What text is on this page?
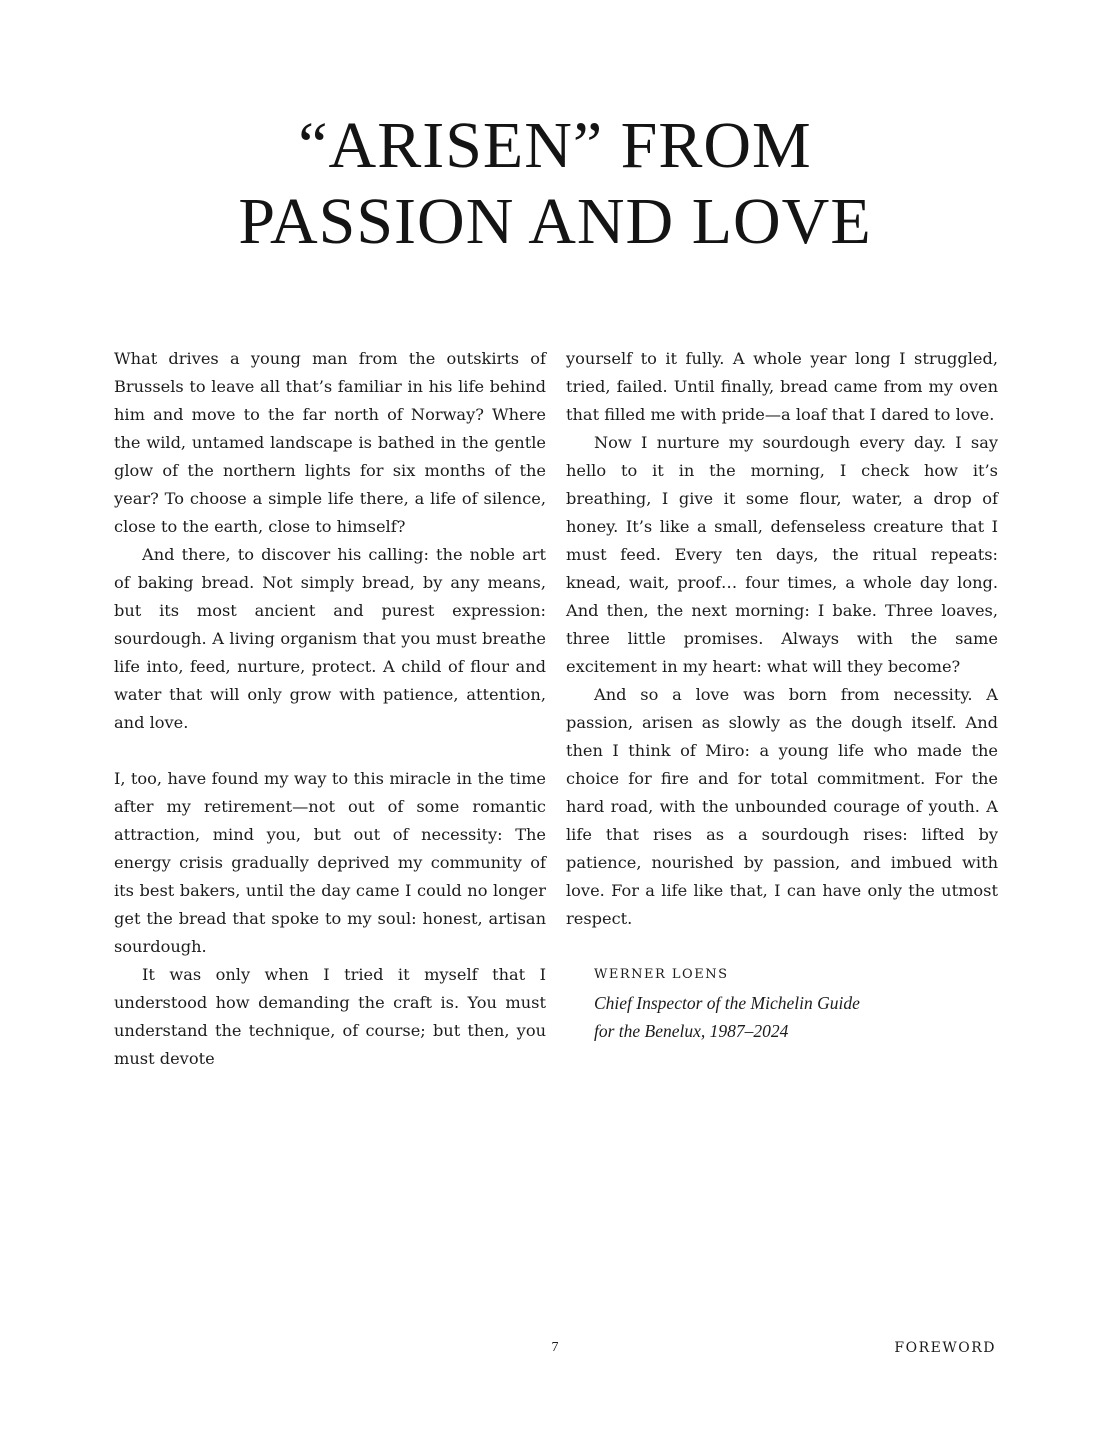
“ARISEN” FROM
PASSION AND LOVE

What drives a young man from the outskirts of Brussels to leave all that’s familiar in his life behind him and move to the far north of Norway? Where the wild, untamed landscape is bathed in the gentle glow of the northern lights for six months of the year? To choose a simple life there, a life of silence, close to the earth, close to himself?

And there, to discover his calling: the noble art of baking bread. Not simply bread, by any means, but its most ancient and purest expression: sourdough. A living organism that you must breathe life into, feed, nurture, protect. A child of flour and water that will only grow with patience, attention, and love.

I, too, have found my way to this miracle in the time after my retirement—not out of some romantic attraction, mind you, but out of necessity: The energy crisis gradually deprived my community of its best bakers, until the day came I could no longer get the bread that spoke to my soul: honest, artisan sourdough.

It was only when I tried it myself that I understood how demanding the craft is. You must understand the technique, of course; but then, you must devote

yourself to it fully. A whole year long I struggled, tried, failed. Until finally, bread came from my oven that filled me with pride—a loaf that I dared to love.

Now I nurture my sourdough every day. I say hello to it in the morning, I check how it’s breathing, I give it some flour, water, a drop of honey. It’s like a small, defenseless creature that I must feed. Every ten days, the ritual repeats: knead, wait, proof… four times, a whole day long. And then, the next morning: I bake. Three loaves, three little promises. Always with the same excitement in my heart: what will they become?

And so a love was born from necessity. A passion, arisen as slowly as the dough itself. And then I think of Miro: a young life who made the choice for fire and for total commitment. For the hard road, with the unbounded courage of youth. A life that rises as a sourdough rises: lifted by patience, nourished by passion, and imbued with love. For a life like that, I can have only the utmost respect.

WERNER LOENS
Chief Inspector of the Michelin Guide
for the Benelux, 1987–2024
7	FOREWORD
